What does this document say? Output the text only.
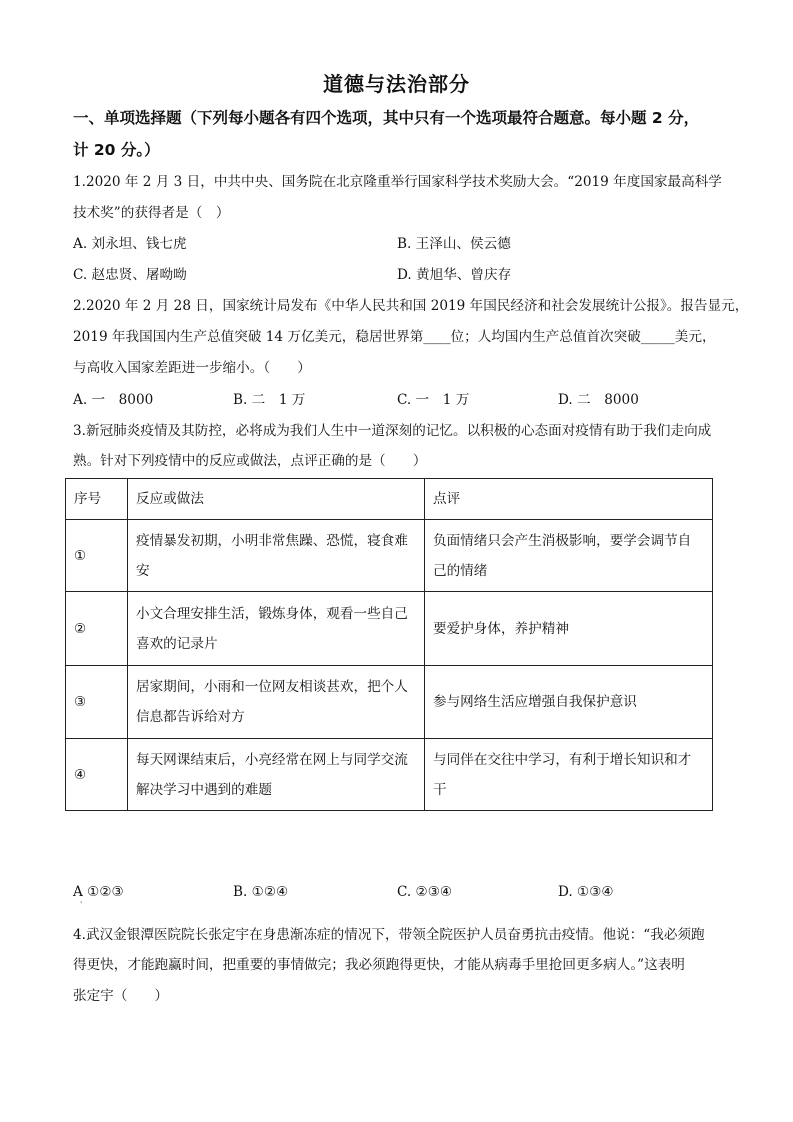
道德与法治部分
一、单项选择题（下列每小题各有四个选项，其中只有一个选项最符合题意。每小题 2 分，
计 20 分。）
1.2020 年 2 月 3 日，中共中央、国务院在北京隆重举行国家科学技术奖励大会。“2019 年度国家最高科学
技术奖”的获得者是（　）
A. 刘永坦、钱七虎	B. 王泽山、侯云德
C. 赵忠贤、屠呦呦	D. 黄旭华、曾庆存
2.2020 年 2 月 28 日，国家统计局发布《中华人民共和国 2019 年国民经济和社会发展统计公报》。报告显元，
2019 年我国国内生产总值突破 14 万亿美元，稳居世界第____位；人均国内生产总值首次突破_____美元，
与高收入国家差距进一步缩小。（　　）
A. 一　8000	B. 二　1 万	C. 一　1 万	D. 二　8000
3.新冠肺炎疫情及其防控，必将成为我们人生中一道深刻的记忆。以积极的心态面对疫情有助于我们走向成
熟。针对下列疫情中的反应或做法，点评正确的是（　　）
序号	反应或做法	点评
①	疫情暴发初期，小明非常焦躁、恐慌，寝食难安	负面情绪只会产生消极影响，要学会调节自己的情绪
②	小文合理安排生活，锻炼身体，观看一些自己喜欢的记录片	要爱护身体，养护精神
③	居家期间，小雨和一位网友相谈甚欢，把个人信息都告诉给对方	参与网络生活应增强自我保护意识
④	每天网课结束后，小亮经常在网上与同学交流解决学习中遇到的难题	与同伴在交往中学习，有利于增长知识和才干
A ①②③	B. ①②④	C. ②③④	D. ①③④
'
4.武汉金银潭医院院长张定宇在身患渐冻症的情况下，带领全院医护人员奋勇抗击疫情。他说：“我必须跑
得更快，才能跑赢时间，把重要的事情做完；我必须跑得更快，才能从病毒手里抢回更多病人。”这表明
张定宇（　　）
